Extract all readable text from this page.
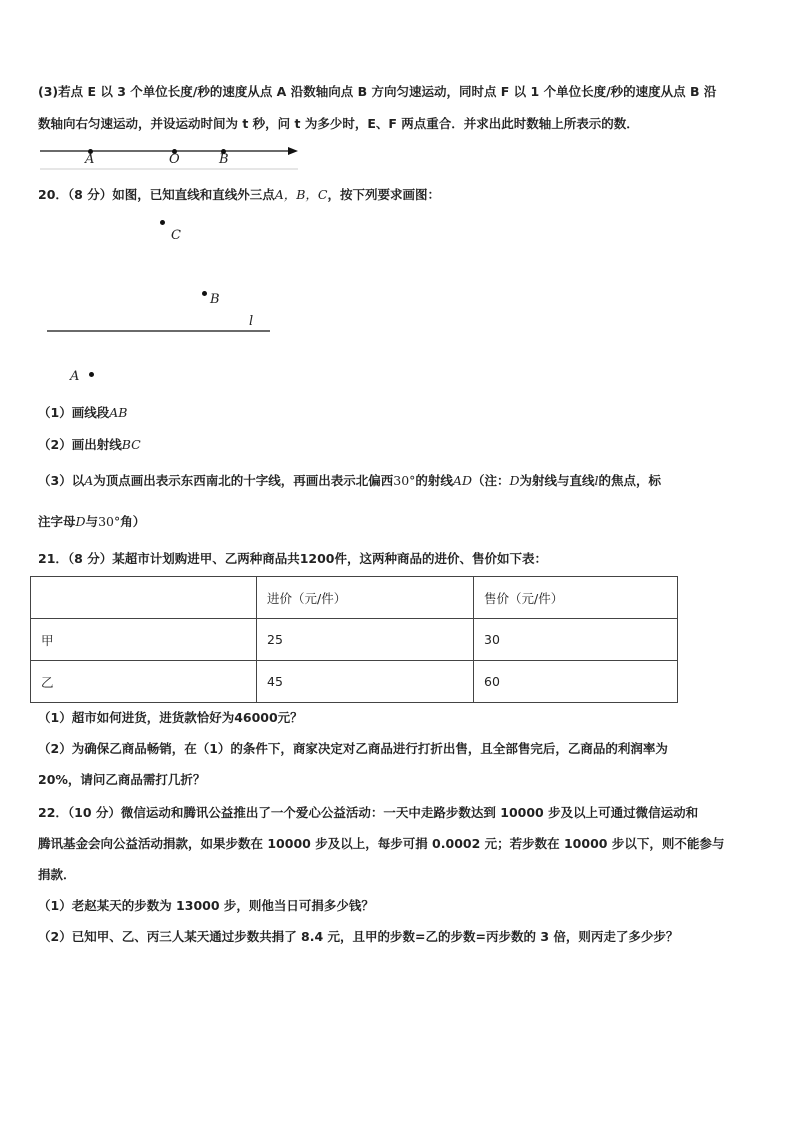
(3)若点 E 以 3 个单位长度/秒的速度从点 A 沿数轴向点 B 方向匀速运动，同时点 F 以 1 个单位长度/秒的速度从点 B 沿
数轴向右匀速运动，并设运动时间为 t 秒，问 t 为多少时，E、F 两点重合．并求出此时数轴上所表示的数．
A	O	B
20．（8 分）如图，已知直线和直线外三点A，B，C，按下列要求画图：
C
B
l
A
（1）画线段AB
（2）画出射线BC
（3）以A为顶点画出表示东西南北的十字线，再画出表示北偏西30°的射线AD（注：D为射线与直线l的焦点，标
注字母D与30°角）
21．（8 分）某超市计划购进甲、乙两种商品共1200件，这两种商品的进价、售价如下表：
	进价（元/件）	售价（元/件）
甲	25	30
乙	45	60
（1）超市如何进货，进货款恰好为46000元？
（2）为确保乙商品畅销，在（1）的条件下，商家决定对乙商品进行打折出售，且全部售完后，乙商品的利润率为
20%，请问乙商品需打几折？
22．（10 分）微信运动和腾讯公益推出了一个爱心公益活动：一天中走路步数达到 10000 步及以上可通过微信运动和
腾讯基金会向公益活动捐款，如果步数在 10000 步及以上，每步可捐 0.0002 元；若步数在 10000 步以下，则不能参与
捐款．
（1）老赵某天的步数为 13000 步，则他当日可捐多少钱？
（2）已知甲、乙、丙三人某天通过步数共捐了 8.4 元，且甲的步数=乙的步数=丙步数的 3 倍，则丙走了多少步？
